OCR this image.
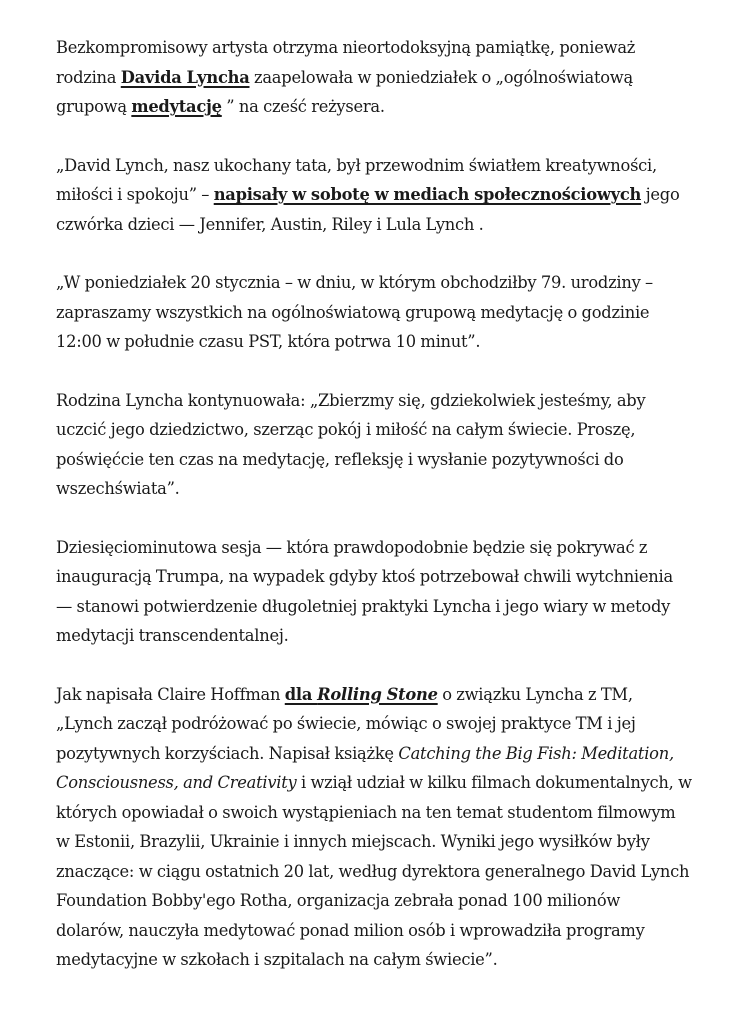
Bezkompromisowy artysta otrzyma nieortodoksyjną pamiątkę, ponieważ rodzina Davida Lyncha zaapelowała w poniedziałek o „ogólnoświatową grupową medytację ” na cześć reżysera.

„David Lynch, nasz ukochany tata, był przewodnim światłem kreatywności, miłości i spokoju” – napisały w sobotę w mediach społecznościowych jego czwórka dzieci — Jennifer, Austin, Riley i Lula Lynch .

„W poniedziałek 20 stycznia – w dniu, w którym obchodziłby 79. urodziny – zapraszamy wszystkich na ogólnoświatową grupową medytację o godzinie 12:00 w południe czasu PST, która potrwa 10 minut”.

Rodzina Lyncha kontynuowała: „Zbierzmy się, gdziekolwiek jesteśmy, aby uczcić jego dziedzictwo, szerząc pokój i miłość na całym świecie. Proszę, poświęćcie ten czas na medytację, refleksję i wysłanie pozytywności do wszechświata”.

Dziesięciominutowa sesja — która prawdopodobnie będzie się pokrywać z inauguracją Trumpa, na wypadek gdyby ktoś potrzebował chwili wytchnienia — stanowi potwierdzenie długoletniej praktyki Lyncha i jego wiary w metody medytacji transcendentalnej.

Jak napisała Claire Hoffman dla Rolling Stone o związku Lyncha z TM, „Lynch zaczął podróżować po świecie, mówiąc o swojej praktyce TM i jej pozytywnych korzyściach. Napisał książkę Catching the Big Fish: Meditation, Consciousness, and Creativity i wziął udział w kilku filmach dokumentalnych, w których opowiadał o swoich wystąpieniach na ten temat studentom filmowym w Estonii, Brazylii, Ukrainie i innych miejscach. Wyniki jego wysiłków były znaczące: w ciągu ostatnich 20 lat, według dyrektora generalnego David Lynch Foundation Bobby'ego Rotha, organizacja zebrała ponad 100 milionów dolarów, nauczyła medytować ponad milion osób i wprowadziła programy medytacyjne w szkołach i szpitalach na całym świecie”.
